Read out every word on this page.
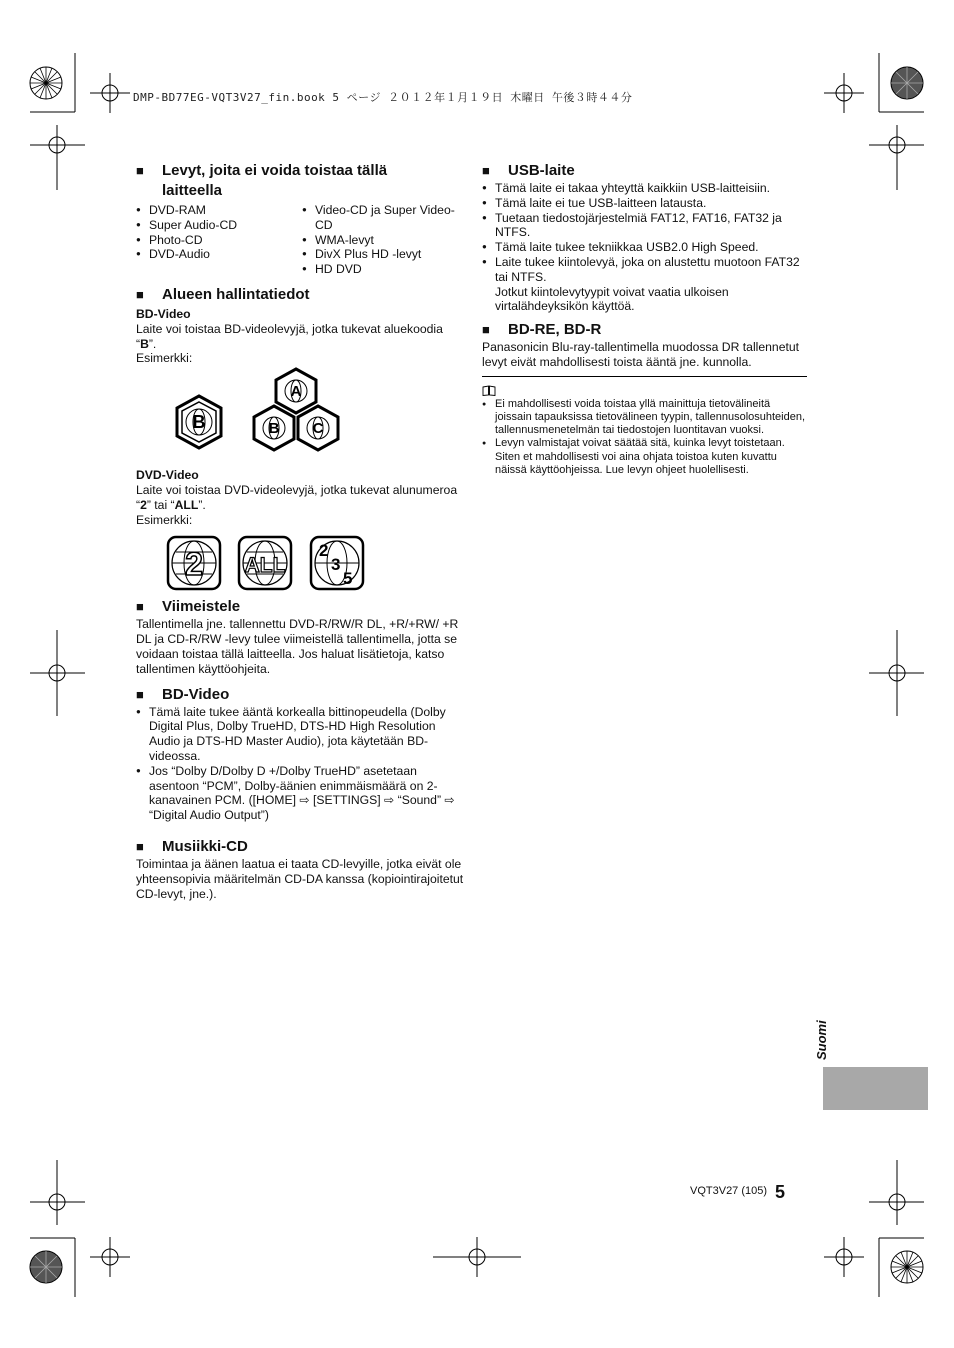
DMP-BD77EG-VQT3V27_fin.book 5 ページ ２０１２年１月１９日 木曜日 午後３時４４分
■	Levyt, joita ei voida toistaa tällä
laitteella
● DVD-RAM
● Super Audio-CD
● Photo-CD
● DVD-Audio
● Video-CD ja Super Video-CD
● WMA-levyt
● DivX Plus HD -levyt
● HD DVD
■	Alueen hallintatiedot

BD-Video

Laite voi toistaa BD-videolevyjä, jotka tukevat aluekoodia “B”.

Esimerkki:

B
A
B C

DVD-Video

Laite voi toistaa DVD-videolevyjä, jotka tukevat alunumeroa “2” tai “ALL”.

Esimerkki:

2 ALL
2
3
5
■	Viimeistele

Tallentimella jne. tallennettu DVD-R/RW/R DL, +R/+RW/ +R DL ja CD-R/RW -levy tulee viimeistellä tallentimella, jotta se voidaan toistaa tällä laitteella. Jos haluat lisätietoja, katso tallentimen käyttöohjeita.

■	BD-Video
● Tämä laite tukee ääntä korkealla bittinopeudella (Dolby Digital Plus, Dolby TrueHD, DTS-HD High Resolution Audio ja DTS-HD Master Audio), jota käytetään BD-videossa.
● Jos “Dolby D/Dolby D +/Dolby TrueHD” asetetaan asentoon “PCM”, Dolby-äänien enimmäismäärä on 2-kanavainen PCM. ([HOME] ⇨ [SETTINGS] ⇨ “Sound” ⇨ “Digital Audio Output”)
■	Musiikki-CD

Toimintaa ja äänen laatua ei taata CD-levyille, jotka eivät ole yhteensopivia määritelmän CD-DA kanssa (kopiointirajoitetut CD-levyt, jne.).

■	USB-laite
● Tämä laite ei takaa yhteyttä kaikkiin USB-laitteisiin.
● Tämä laite ei tue USB-laitteen latausta.
● Tuetaan tiedostojärjestelmiä FAT12, FAT16, FAT32 ja NTFS.
● Tämä laite tukee tekniikkaa USB2.0 High Speed.
● Laite tukee kiintolevyä, joka on alustettu muotoon FAT32 tai NTFS.

Jotkut kiintolevytyypit voivat vaatia ulkoisen virtalähdeyksikön käyttöä.

■	BD-RE, BD-R

Panasonicin Blu-ray-tallentimella muodossa DR tallennetut levyt eivät mahdollisesti toista ääntä jne. kunnolla.

● Ei mahdollisesti voida toistaa yllä mainittuja tietovälineitä joissain tapauksissa tietovälineen tyypin, tallennusolosuhteiden, tallennusmenetelmän tai tiedostojen luontitavan vuoksi.
● Levyn valmistajat voivat säätää sitä, kuinka levyt toistetaan. Siten et mahdollisesti voi aina ohjata toistoa kuten kuvattu näissä käyttöohjeissa. Lue levyn ohjeet huolellisesti.
Suomi
VQT3V27 (105) 5
